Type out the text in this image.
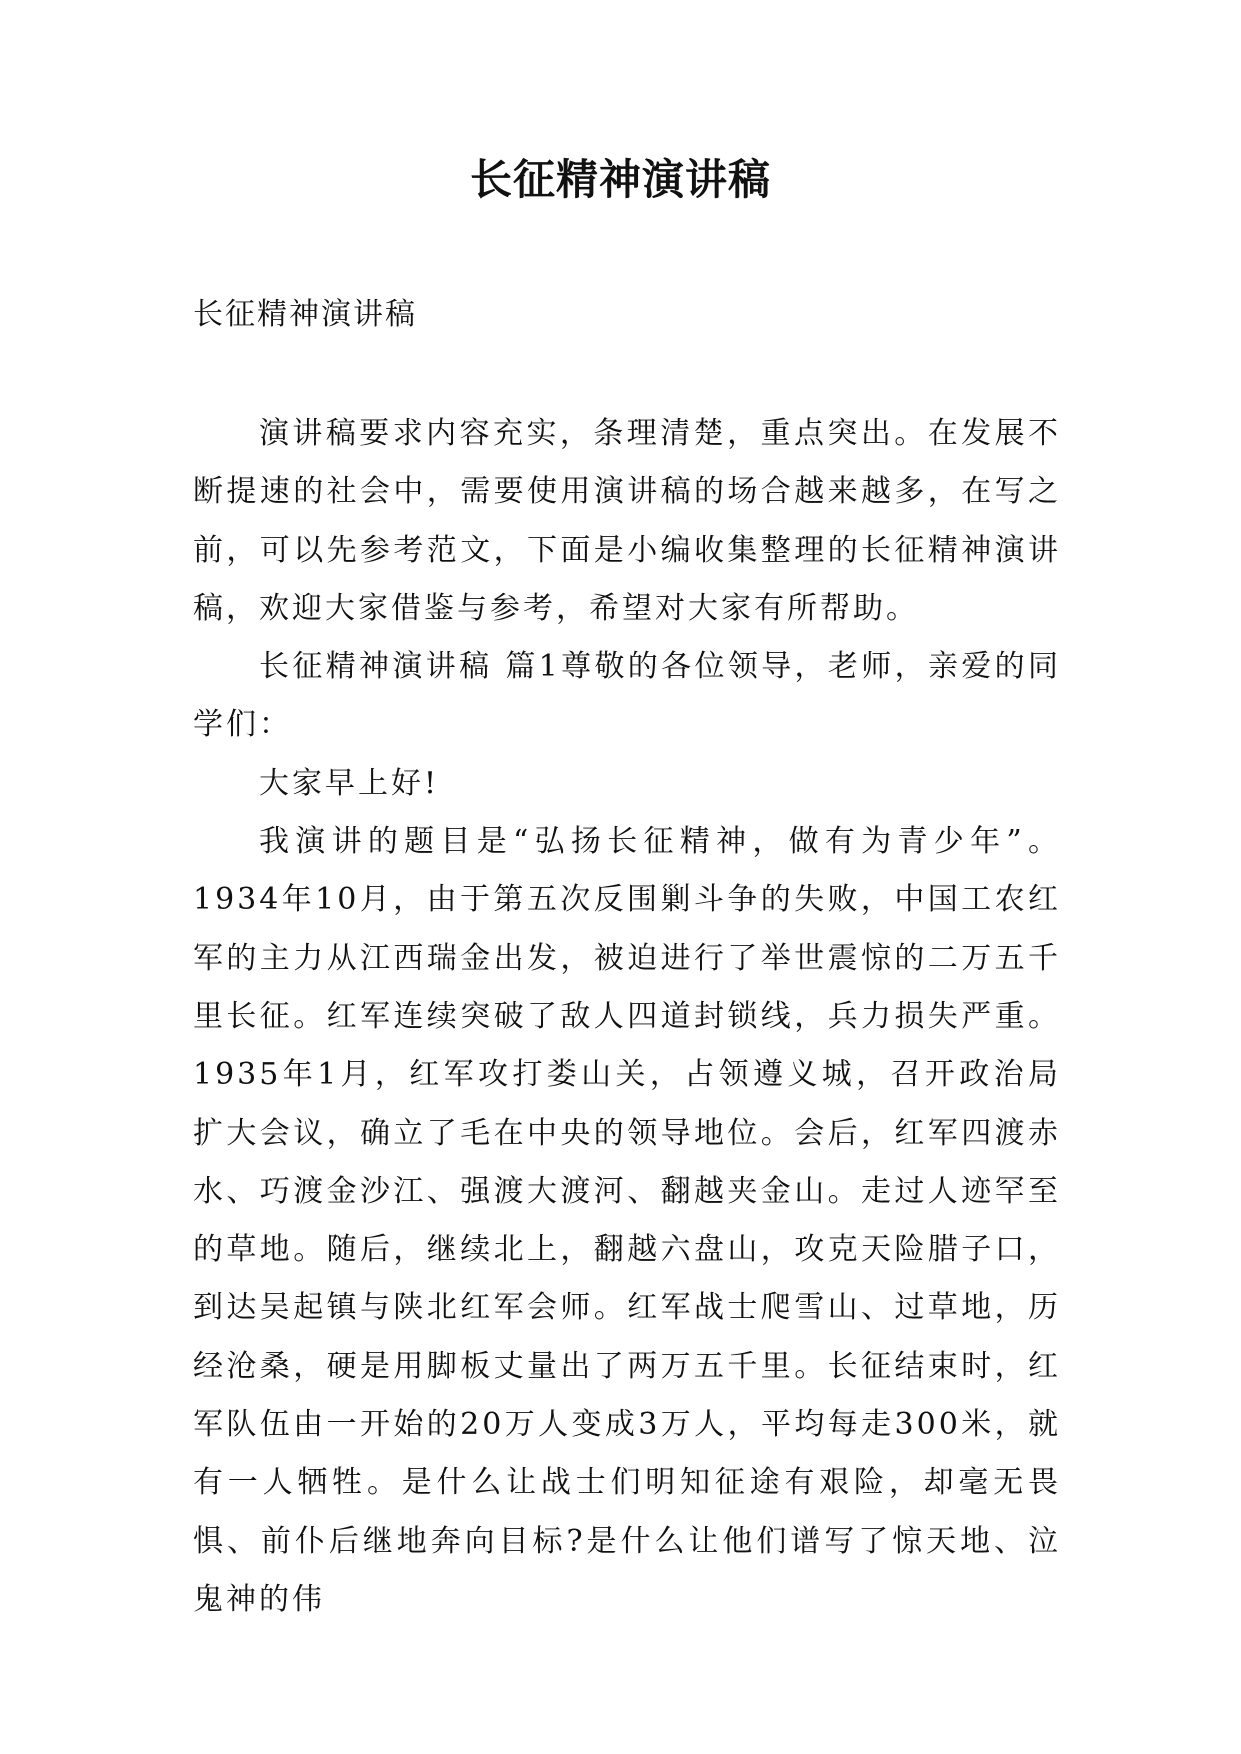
长征精神演讲稿

长征精神演讲稿

演讲稿要求内容充实，条理清楚，重点突出。在发展不断提速的社会中，需要使用演讲稿的场合越来越多，在写之前，可以先参考范文，下面是小编收集整理的长征精神演讲稿，欢迎大家借鉴与参考，希望对大家有所帮助。

长征精神演讲稿 篇1尊敬的各位领导，老师，亲爱的同学们：

大家早上好!

我演讲的题目是“弘扬长征精神，做有为青少年”。1934年10月，由于第五次反围剿斗争的失败，中国工农红军的主力从江西瑞金出发，被迫进行了举世震惊的二万五千里长征。红军连续突破了敌人四道封锁线，兵力损失严重。1935年1月，红军攻打娄山关，占领遵义城，召开政治局扩大会议，确立了毛在中央的领导地位。会后，红军四渡赤水、巧渡金沙江、强渡大渡河、翻越夹金山。走过人迹罕至的草地。随后，继续北上，翻越六盘山，攻克天险腊子口，到达吴起镇与陕北红军会师。红军战士爬雪山、过草地，历经沧桑，硬是用脚板丈量出了两万五千里。长征结束时，红军队伍由一开始的20万人变成3万人，平均每走300米，就有一人牺牲。是什么让战士们明知征途有艰险，却毫无畏惧、前仆后继地奔向目标?是什么让他们谱写了惊天地、泣鬼神的伟
